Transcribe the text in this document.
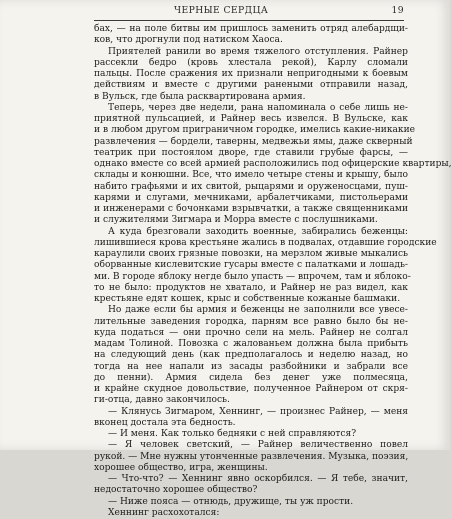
ЧЕРНЫЕ СЕРДЦА	19
бах, — на поле битвы им пришлось заменить отряд алебардщи-
ков, что дрогнули под натиском Хаоса.
Приятелей ранили во время тяжелого отступления. Райнер
рассекли бедро (кровь хлестала рекой), Карлу сломали
пальцы. После сражения их признали непригодными к боевым
действиям и вместе с другими ранеными отправили назад,
в Вульск, где была расквартирована армия.
Теперь, через две недели, рана напоминала о себе лишь не-
приятной пульсацией, и Райнер весь извелся. В Вульске, как
и в любом другом приграничном городке, имелись какие-никакие
развлечения — бордели, таверны, медвежьи ямы, даже скверный
театрик при постоялом дворе, где ставили грубые фарсы, —
однако вместе со всей армией расположились под офицерские квартиры,
склады и конюшни. Все, что имело четыре стены и крышу, было
набито графьями и их свитой, рыцарями и оруженосцами, пуш-
карями и слугами, мечниками, арбалетчиками, пистольерами
и инженерами с бочонками взрывчатки, а также священниками
и служителями Зигмара и Морра вместе с послушниками.
А куда брезговали заходить военные, забирались беженцы:
лишившиеся крова крестьяне жались в подвалах, отдавшие городские
караулили своих грязные повозки, на мерзлом живые мыкались
оборванные кислевитские гусары вместе с палатками и лошадь-
ми. В городе яблоку негде было упасть — впрочем, там и яблоко-
то не было: продуктов не хватало, и Райнер не раз видел, как
крестьяне едят кошек, крыс и собственные кожаные башмаки.
Но даже если бы армия и беженцы не заполнили все увесе-
лительные заведения городка, парням все равно было бы не-
куда податься — они прочно сели на мель. Райнер не солгал
мадам Толиной. Повозка с жалованьем должна была прибыть
на следующий день (как предполагалось и неделю назад, но
тогда на нее напали из засады разбойники и забрали все
до пенни). Армия сидела без денег уже полмесяца,
и крайне скудное довольствие, полученное Райнером от скря-
ги-отца, давно закончилось.
— Клянусь Зигмаром, Хеннинг, — произнес Райнер, — меня
вконец достала эта бедность.
— И меня. Как только бедняки с ней справляются?
— Я человек светский, — Райнер величественно повел
рукой. — Мне нужны утонченные развлечения. Музыка, поэзия,
хорошее общество, игра, женщины.
— Что-что? — Хеннинг явно оскорбился. — Я тебе, значит,
недостаточно хорошее общество?
— Ниже пояса — отнюдь, дружище, ты уж прости.
Хеннинг расхохотался:
